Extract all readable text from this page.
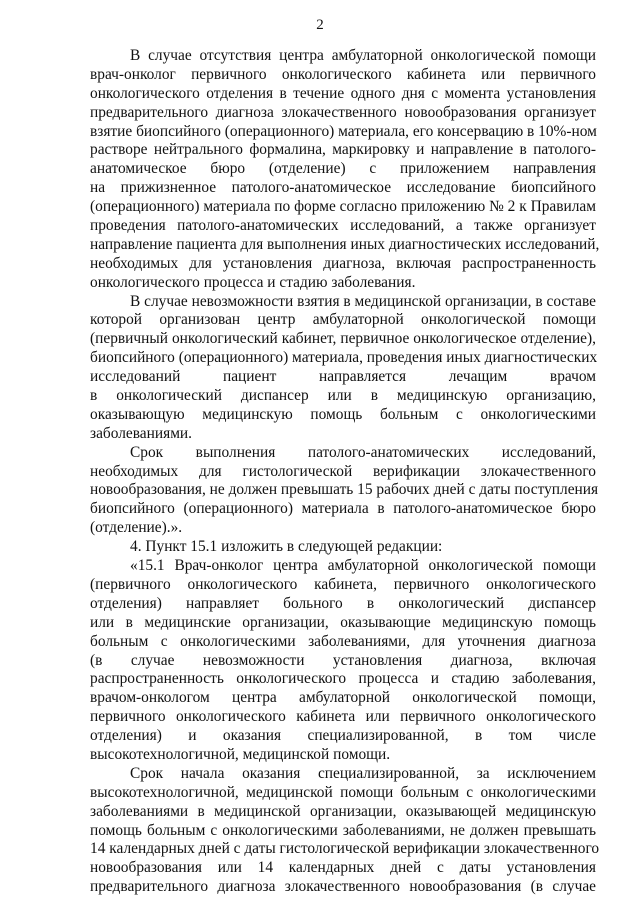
2
В случае отсутствия центра амбулаторной онкологической помощи
врач-онколог первичного онкологического кабинета или первичного
онкологического отделения в течение одного дня с момента установления
предварительного диагноза злокачественного новообразования организует
взятие биопсийного (операционного) материала, его консервацию в 10%-ном
растворе нейтрального формалина, маркировку и направление в патолого-
анатомическое бюро (отделение) с приложением направления
на прижизненное патолого-анатомическое исследование биопсийного
(операционного) материала по форме согласно приложению № 2 к Правилам
проведения патолого-анатомических исследований, а также организует
направление пациента для выполнения иных диагностических исследований,
необходимых для установления диагноза, включая распространенность
онкологического процесса и стадию заболевания.
В случае невозможности взятия в медицинской организации, в составе
которой организован центр амбулаторной онкологической помощи
(первичный онкологический кабинет, первичное онкологическое отделение),
биопсийного (операционного) материала, проведения иных диагностических
исследований пациент направляется лечащим врачом
в онкологический диспансер или в медицинскую организацию,
оказывающую медицинскую помощь больным с онкологическими
заболеваниями.
Срок выполнения патолого-анатомических исследований,
необходимых для гистологической верификации злокачественного
новообразования, не должен превышать 15 рабочих дней с даты поступления
биопсийного (операционного) материала в патолого-анатомическое бюро
(отделение).».
4. Пункт 15.1 изложить в следующей редакции:
«15.1 Врач-онколог центра амбулаторной онкологической помощи
(первичного онкологического кабинета, первичного онкологического
отделения) направляет больного в онкологический диспансер
или в медицинские организации, оказывающие медицинскую помощь
больным с онкологическими заболеваниями, для уточнения диагноза
(в случае невозможности установления диагноза, включая
распространенность онкологического процесса и стадию заболевания,
врачом-онкологом центра амбулаторной онкологической помощи,
первичного онкологического кабинета или первичного онкологического
отделения) и оказания специализированной, в том числе
высокотехнологичной, медицинской помощи.
Срок начала оказания специализированной, за исключением
высокотехнологичной, медицинской помощи больным с онкологическими
заболеваниями в медицинской организации, оказывающей медицинскую
помощь больным с онкологическими заболеваниями, не должен превышать
14 календарных дней с даты гистологической верификации злокачественного
новообразования или 14 календарных дней с даты установления
предварительного диагноза злокачественного новообразования (в случае
